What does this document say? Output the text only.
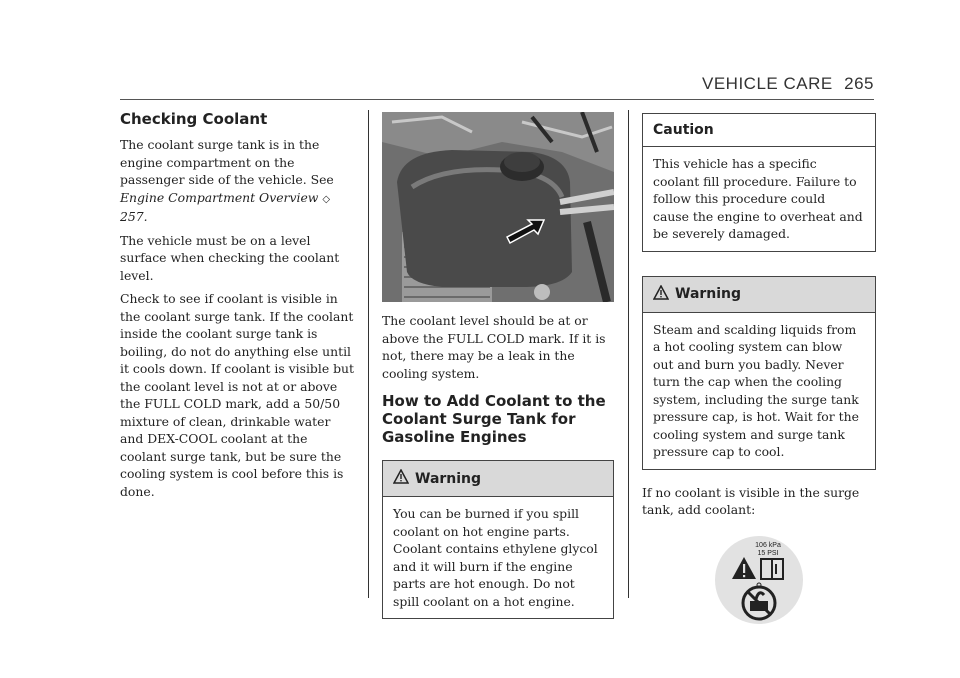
VEHICLE CARE 265
Checking Coolant

The coolant surge tank is in the engine compartment on the passenger side of the vehicle. See Engine Compartment Overview ◇ 257.

The vehicle must be on a level surface when checking the coolant level.

Check to see if coolant is visible in the coolant surge tank. If the coolant inside the coolant surge tank is boiling, do not do anything else until it cools down. If coolant is visible but the coolant level is not at or above the FULL COLD mark, add a 50/50 mixture of clean, drinkable water and DEX-COOL coolant at the coolant surge tank, but be sure the cooling system is cool before this is done.

The coolant level should be at or above the FULL COLD mark. If it is not, there may be a leak in the cooling system.

How to Add Coolant to the Coolant Surge Tank for Gasoline Engines
Warning

You can be burned if you spill coolant on hot engine parts. Coolant contains ethylene glycol and it will burn if the engine parts are hot enough. Do not spill coolant on a hot engine.

Caution

This vehicle has a specific coolant fill procedure. Failure to follow this procedure could cause the engine to overheat and be severely damaged.

Warning

Steam and scalding liquids from a hot cooling system can blow out and burn you badly. Never turn the cap when the cooling system, including the surge tank pressure cap, is hot. Wait for the cooling system and surge tank pressure cap to cool.

If no coolant is visible in the surge tank, add coolant:

106 kPa
15 PSI
